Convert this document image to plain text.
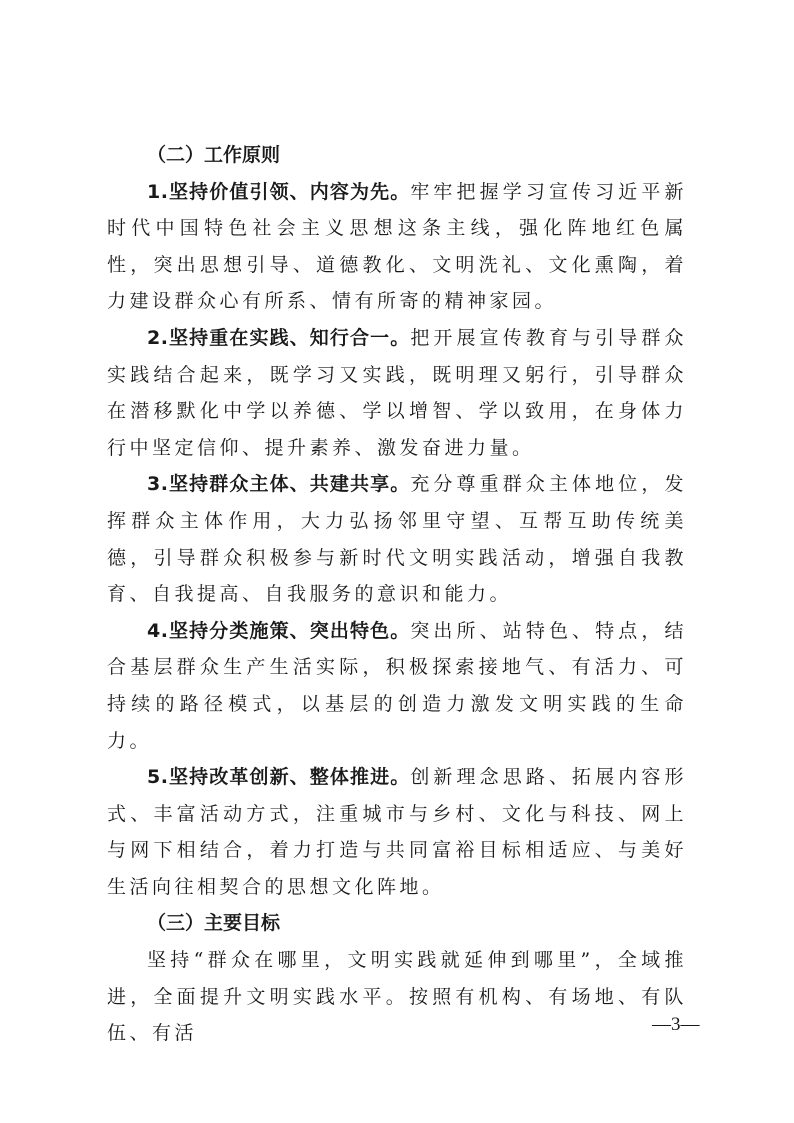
（二）工作原则

1.坚持价值引领、内容为先。牢牢把握学习宣传习近平新时代中国特色社会主义思想这条主线，强化阵地红色属性，突出思想引导、道德教化、文明洗礼、文化熏陶，着力建设群众心有所系、情有所寄的精神家园。

2.坚持重在实践、知行合一。把开展宣传教育与引导群众实践结合起来，既学习又实践，既明理又躬行，引导群众在潜移默化中学以养德、学以增智、学以致用，在身体力行中坚定信仰、提升素养、激发奋进力量。

3.坚持群众主体、共建共享。充分尊重群众主体地位，发挥群众主体作用，大力弘扬邻里守望、互帮互助传统美德，引导群众积极参与新时代文明实践活动，增强自我教育、自我提高、自我服务的意识和能力。

4.坚持分类施策、突出特色。突出所、站特色、特点，结合基层群众生产生活实际，积极探索接地气、有活力、可持续的路径模式，以基层的创造力激发文明实践的生命力。

5.坚持改革创新、整体推进。创新理念思路、拓展内容形式、丰富活动方式，注重城市与乡村、文化与科技、网上与网下相结合，着力打造与共同富裕目标相适应、与美好生活向往相契合的思想文化阵地。

（三）主要目标

坚持“群众在哪里，文明实践就延伸到哪里”，全域推进，全面提升文明实践水平。按照有机构、有场地、有队伍、有活	—3—
